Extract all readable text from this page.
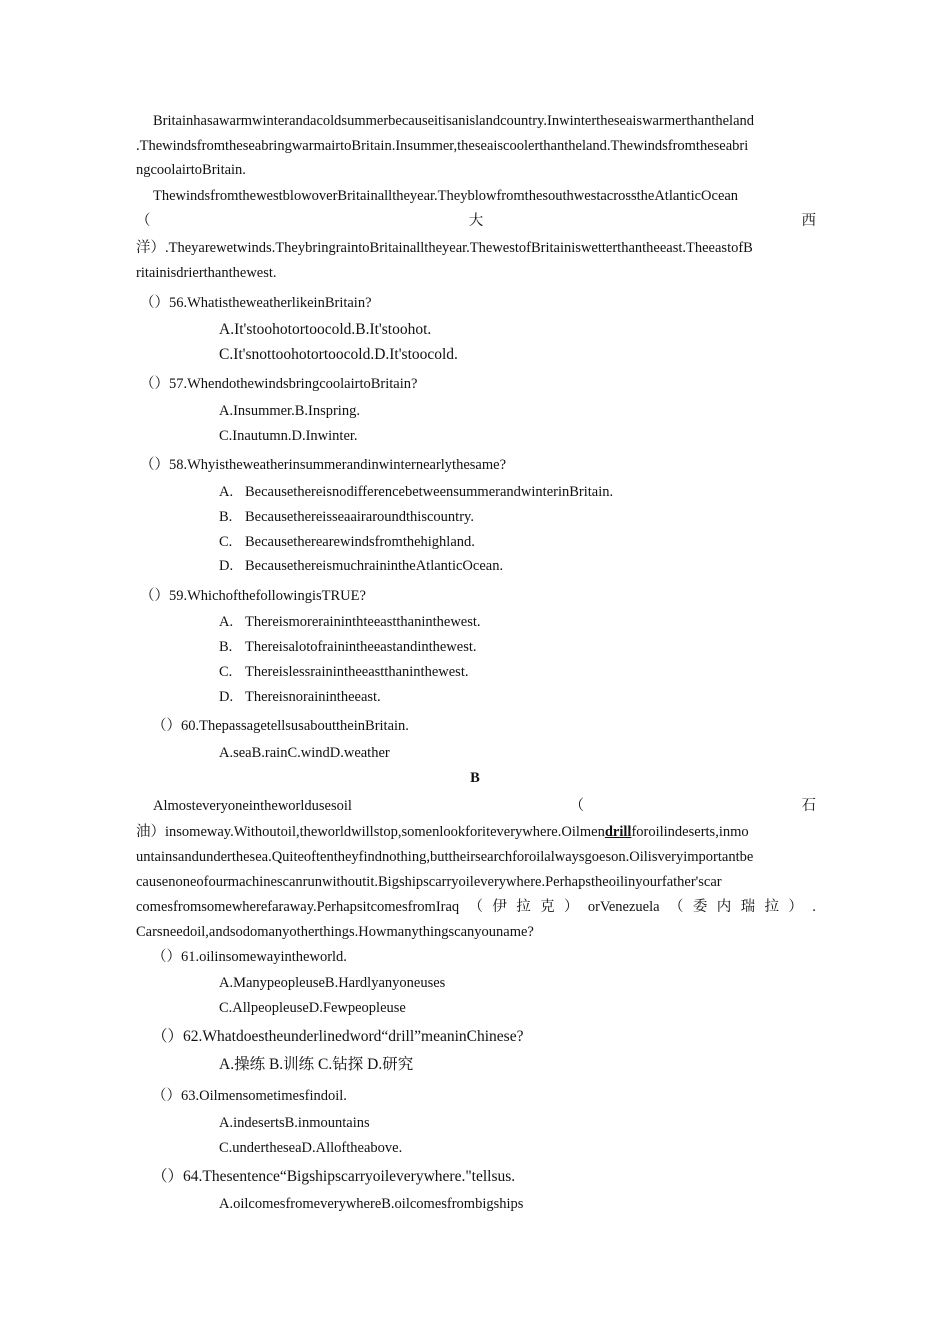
Britainhasawarmwinterandacoldsummerbecauseitisanislandcountry.Inwintertheseaiswarmerthantheland
.ThewindsfromtheseabringwarmairtoBritain.Insummer,theseaiscoolerthantheland.Thewindsfromtheseabri
ngcoolairtoBritain.
ThewindsfromthewestblowoverBritainalltheyear.TheyblowfromthesouthwestacrosstheAtlanticOcean
（	大	西
洋）.Theyarewetwinds.TheybringraintoBritainalltheyear.ThewestofBritainiswetterthantheeast.TheeastofB
ritainisdrierthanthewest.
（）56.WhatistheweatherlikeinBritain?
A.It'stoohotortoocold.B.It'stoohot.
C.It'snottoohotortoocold.D.It'stoocold.
（）57.WhendothewindsbringcoolairtoBritain?
A.Insummer.B.Inspring.
C.Inautumn.D.Inwinter.
（）58.Whyistheweatherinsummerandinwinternearlythesame?
A. BecausethereisnodifferencebetweensummerandwinterinBritain.
B. Becausethereisseaairaroundthiscountry.
C. Becausetherearewindsfromthehighland.
D. BecausethereismuchrainintheAtlanticOcean.
（）59.WhichofthefollowingisTRUE?
A. Thereismoreraininthteeastthaninthewest.
B. Thereisalotofrainintheeastandinthewest.
C. Thereislessrainintheeastthaninthewest.
D. Thereisnorainintheeast.
（）60.ThepassagetellsusabouttheinBritain.
A.seaB.rainC.windD.weather
B
Almosteveryoneintheworldusesoil	（	石
油）insomeway.Withoutoil,theworldwillstop,somenlookforiteverywhere.Oilmendrillforoilindeserts,inmo
untainsandunderthesea.Quiteoftentheyfindnothing,buttheirsearchforoilalwaysgoeson.Oilisveryimportantbe
causenoneofourmachinescanrunwithoutit.Bigshipscarryoileverywhere.Perhapstheoilinyourfather'scar
comesfromsomewherefaraway.PerhapsitcomesfromIraq （ 伊 拉 克 ） orVenezuela （ 委 内 瑞 拉 ） .
Carsneedoil,andsodomanyotherthings.Howmanythingscanyouname?
（）61.oilinsomewayintheworld.
A.ManypeopleuseB.Hardlyanyoneuses
C.AllpeopleuseD.Fewpeopleuse
（）62.Whatdoestheunderlinedword“drill”meaninChinese?
A.操练 B.训练 C.钻探 D.研究
（）63.Oilmensometimesfindoil.
A.indesertsB.inmountains
C.undertheseaD.Alloftheabove.
（）64.Thesentence“Bigshipscarryoileverywhere."tellsus.
A.oilcomesfromeverywhereB.oilcomesfrombigships
